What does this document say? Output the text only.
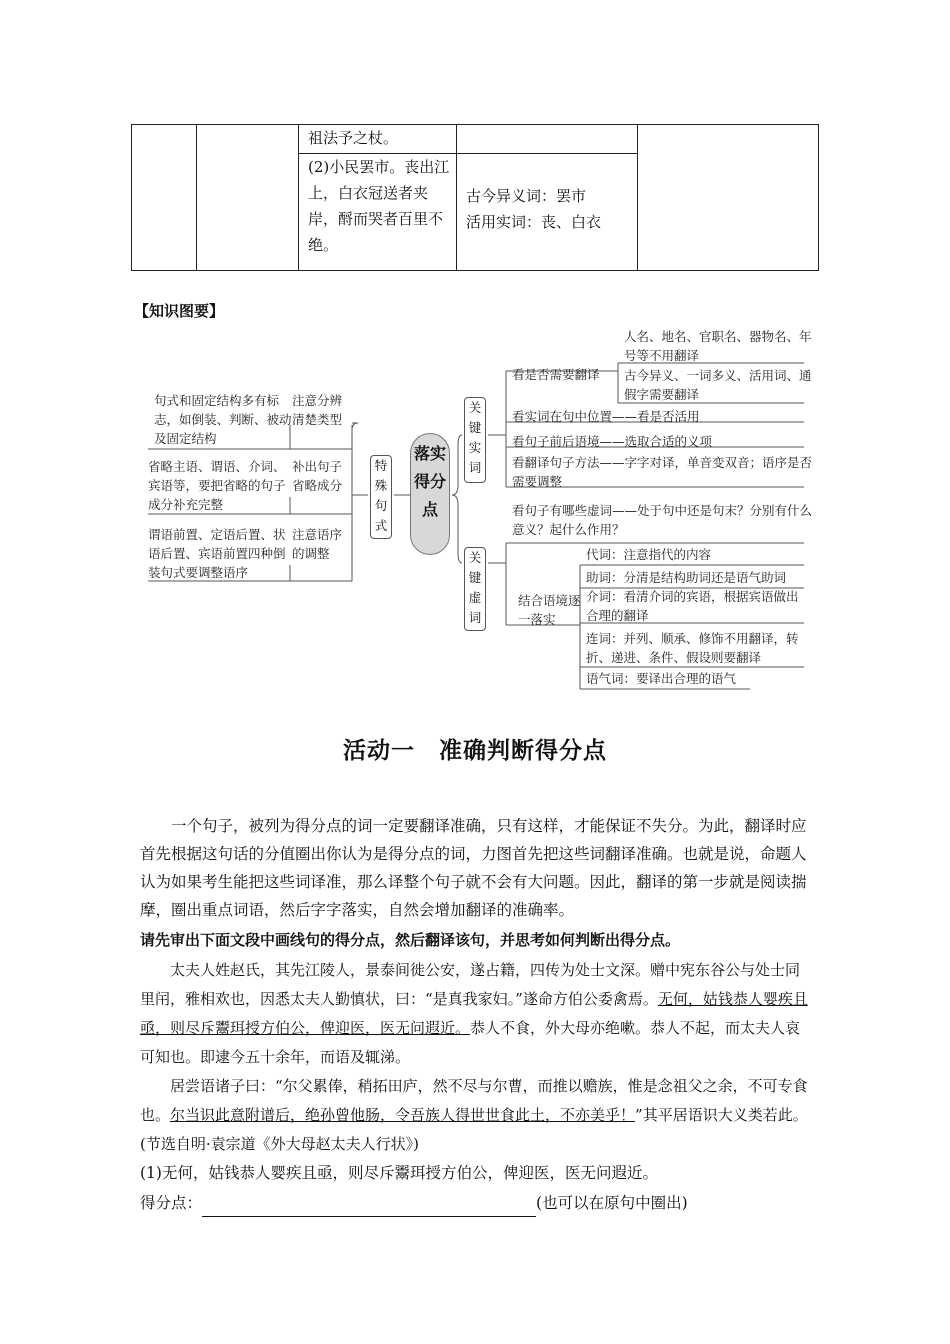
祖法予之杖。
(2)小民罢市。丧出江上，白衣冠送者夹岸，酹而哭者百里不绝。
古今异义词：罢市
活用实词：丧、白衣
【知识图要】
句式和固定结构多有标志，如倒装、判断、被动及固定结构
注意分辨清楚类型
省略主语、谓语、介词、宾语等，要把省略的句子成分补充完整
补出句子省略成分
谓语前置、定语后置、状语后置、宾语前置四种倒装句式要调整语序
注意语序的调整
特殊句式
落实得分点
关键实词
关键虚词
看是否需要翻译
人名、地名、官职名、器物名、年号等不用翻译
古今异义、一词多义、活用词、通假字需要翻译
看实词在句中位置——看是否活用
看句子前后语境——选取合适的义项
看翻译句子方法——字字对译，单音变双音；语序是否需要调整
看句子有哪些虚词——处于句中还是句末？分别有什么意义？起什么作用？
结合语境逐一落实
代词：注意指代的内容
助词：分清是结构助词还是语气助词
介词：看清介词的宾语，根据宾语做出合理的翻译
连词：并列、顺承、修饰不用翻译，转折、递进、条件、假设则要翻译
语气词：要译出合理的语气
活动一　准确判断得分点
一个句子，被列为得分点的词一定要翻译准确，只有这样，才能保证不失分。为此，翻译时应首先根据这句话的分值圈出你认为是得分点的词，力图首先把这些词翻译准确。也就是说，命题人认为如果考生能把这些词译准，那么译整个句子就不会有大问题。因此，翻译的第一步就是阅读揣摩，圈出重点词语，然后字字落实，自然会增加翻译的准确率。
请先审出下面文段中画线句的得分点，然后翻译该句，并思考如何判断出得分点。
太夫人姓赵氏，其先江陵人，景泰间徙公安，遂占籍，四传为处士文深。赠中宪东谷公与处士同里闬，雅相欢也，因悉太夫人勤慎状，曰：“是真我家妇。”遂命方伯公委禽焉。无何，姑钱恭人婴疾且亟，则尽斥鬻珥授方伯公，俾迎医，医无问遐近。恭人不食，外大母亦绝嗽。恭人不起，而太夫人哀可知也。即逮今五十余年，而语及辄涕。
居尝语诸子曰：“尔父累俸，稍拓田庐，然不尽与尔曹，而推以赡族，惟是念祖父之余，不可专食也。尔当识此意附谱后，绝孙曾他肠，令吾族人得世世食此土，不亦美乎！”其平居语识大义类若此。(节选自明·袁宗道《外大母赵太夫人行状》)
(1)无何，姑钱恭人婴疾且亟，则尽斥鬻珥授方伯公，俾迎医，医无问遐近。
得分点：	(也可以在原句中圈出)
